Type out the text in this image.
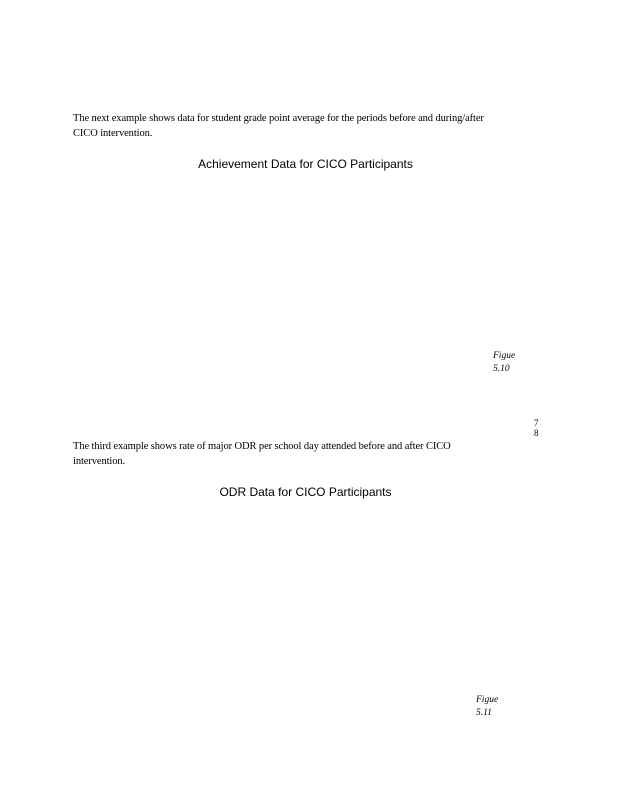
The next example shows data for student grade point average for the periods before and during/after
CICO intervention.

Achievement Data for CICO Participants
Figue
5.10
7
8

The third example shows rate of major ODR per school day attended before and after CICO
intervention.

ODR Data for CICO Participants
Figue
5.11
